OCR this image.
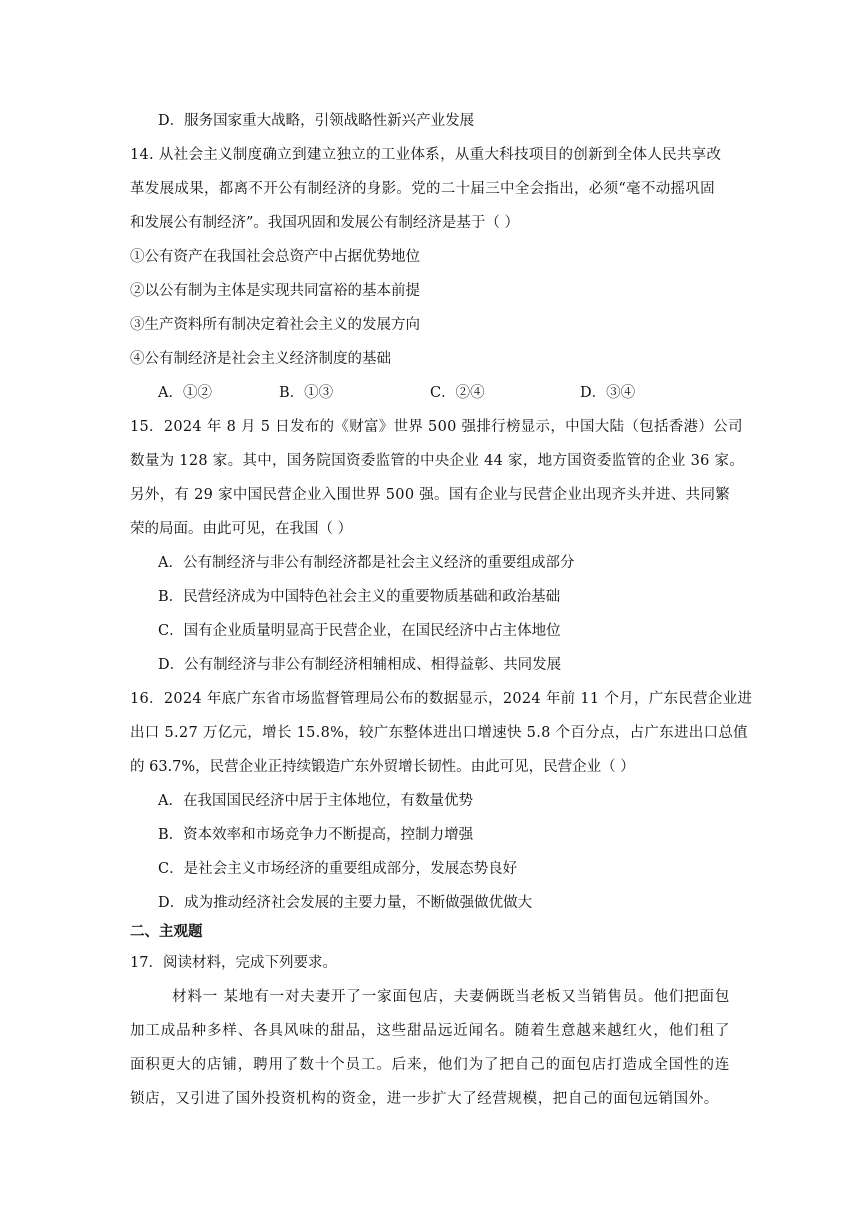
D．服务国家重大战略，引领战略性新兴产业发展
14. 从社会主义制度确立到建立独立的工业体系，从重大科技项目的创新到全体人民共享改
革发展成果，都离不开公有制经济的身影。党的二十届三中全会指出，必须“毫不动摇巩固
和发展公有制经济”。我国巩固和发展公有制经济是基于（ ）
①公有资产在我国社会总资产中占据优势地位
②以公有制为主体是实现共同富裕的基本前提
③生产资料所有制决定着社会主义的发展方向
④公有制经济是社会主义经济制度的基础
A．①②	B．①③	C．②④	D．③④
15．2024 年 8 月 5 日发布的《财富》世界 500 强排行榜显示，中国大陆（包括香港）公司
数量为 128 家。其中，国务院国资委监管的中央企业 44 家，地方国资委监管的企业 36 家。
另外，有 29 家中国民营企业入围世界 500 强。国有企业与民营企业出现齐头并进、共同繁
荣的局面。由此可见，在我国（ ）
A．公有制经济与非公有制经济都是社会主义经济的重要组成部分
B．民营经济成为中国特色社会主义的重要物质基础和政治基础
C．国有企业质量明显高于民营企业，在国民经济中占主体地位
D．公有制经济与非公有制经济相辅相成、相得益彰、共同发展
16．2024 年底广东省市场监督管理局公布的数据显示，2024 年前 11 个月，广东民营企业进
出口 5.27 万亿元，增长 15.8%，较广东整体进出口增速快 5.8 个百分点，占广东进出口总值
的 63.7%，民营企业正持续锻造广东外贸增长韧性。由此可见，民营企业（ ）
A．在我国国民经济中居于主体地位，有数量优势
B．资本效率和市场竞争力不断提高，控制力增强
C．是社会主义市场经济的重要组成部分，发展态势良好
D．成为推动经济社会发展的主要力量，不断做强做优做大
二、主观题
17．阅读材料，完成下列要求。
材料一 某地有一对夫妻开了一家面包店，夫妻俩既当老板又当销售员。他们把面包加工成品种多样、各具风味的甜品，这些甜品远近闻名。随着生意越来越红火，他们租了面积更大的店铺，聘用了数十个员工。后来，他们为了把自己的面包店打造成全国性的连锁店，又引进了国外投资机构的资金，进一步扩大了经营规模，把自己的面包远销国外。
